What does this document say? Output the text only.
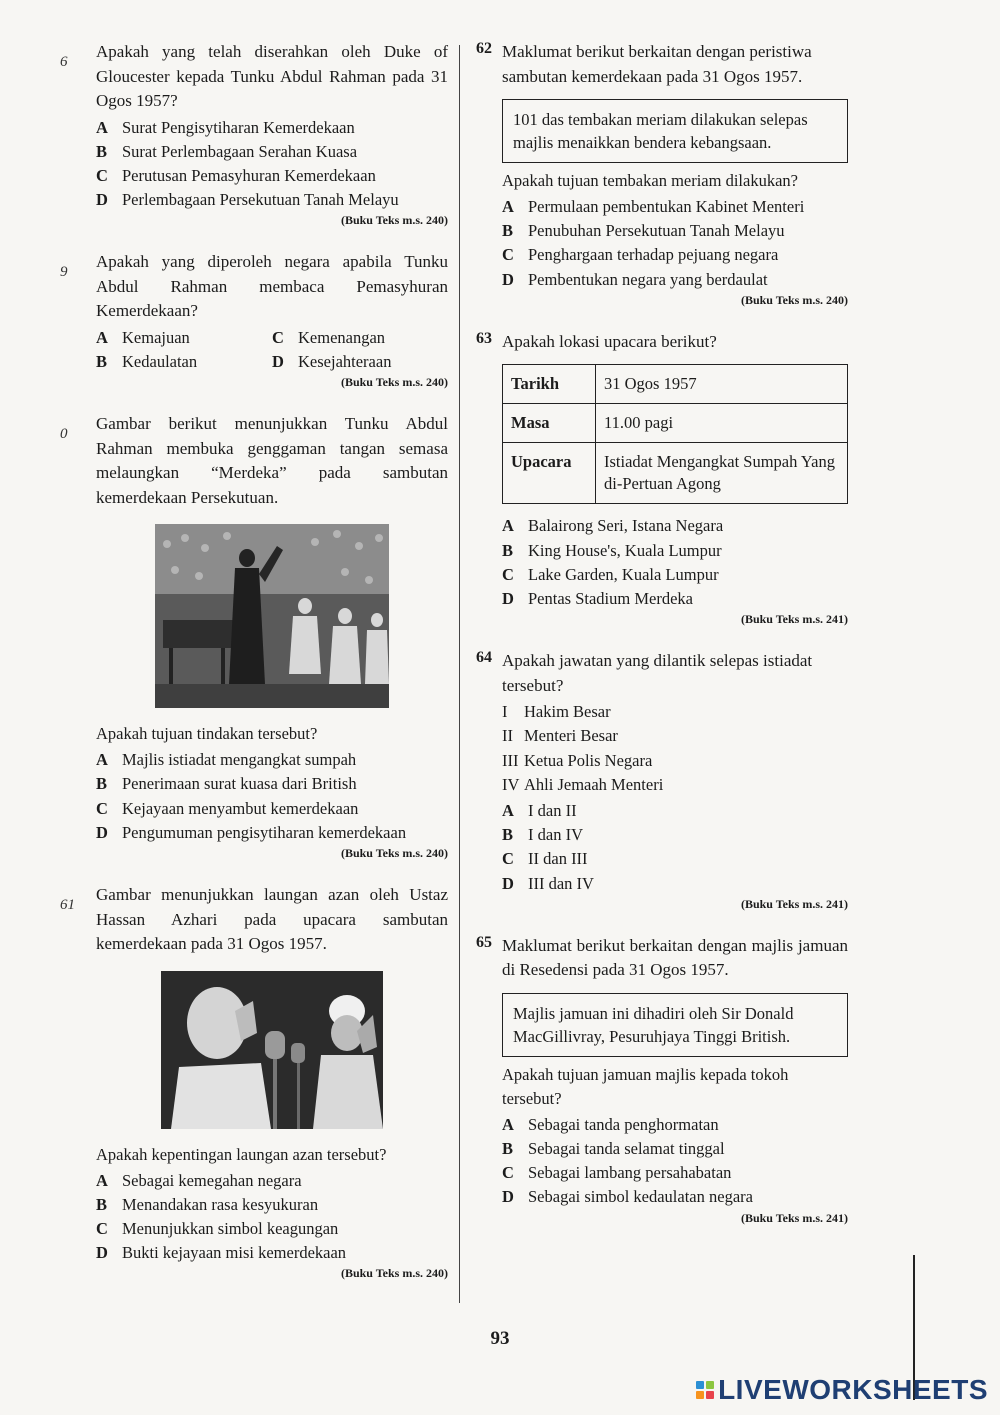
6

Apakah yang telah diserahkan oleh Duke of Gloucester kepada Tunku Abdul Rahman pada 31 Ogos 1957?

A Surat Pengisytiharan Kemerdekaan
B Surat Perlembagaan Serahan Kuasa
C Perutusan Pemasyhuran Kemerdekaan
D Perlembagaan Persekutuan Tanah Melayu
(Buku Teks m.s. 240)
9

Apakah yang diperoleh negara apabila Tunku Abdul Rahman membaca Pemasyhuran Kemerdekaan?

A Kemajuan	C Kemenangan
B Kedaulatan	D Kesejahteraan
(Buku Teks m.s. 240)
0

Gambar berikut menunjukkan Tunku Abdul Rahman membuka genggaman tangan semasa melaungkan “Merdeka” pada sambutan kemerdekaan Persekutuan.

Apakah tujuan tindakan tersebut?

A Majlis istiadat mengangkat sumpah
B Penerimaan surat kuasa dari British
C Kejayaan menyambut kemerdekaan
D Pengumuman pengisytiharan kemerdekaan
(Buku Teks m.s. 240)
61

Gambar menunjukkan laungan azan oleh Ustaz Hassan Azhari pada upacara sambutan kemerdekaan pada 31 Ogos 1957.

Apakah kepentingan laungan azan tersebut?

A Sebagai kemegahan negara
B Menandakan rasa kesyukuran
C Menunjukkan simbol keagungan
D Bukti kejayaan misi kemerdekaan
(Buku Teks m.s. 240)
62 Maklumat berikut berkaitan dengan peristiwa sambutan kemerdekaan pada 31 Ogos 1957.

101 das tembakan meriam dilakukan selepas majlis menaikkan bendera kebangsaan.

Apakah tujuan tembakan meriam dilakukan?

A Permulaan pembentukan Kabinet Menteri
B Penubuhan Persekutuan Tanah Melayu
C Penghargaan terhadap pejuang negara
D Pembentukan negara yang berdaulat
(Buku Teks m.s. 240)
63 Apakah lokasi upacara berikut?

Tarikh	31 Ogos 1957
Masa	11.00 pagi
Upacara	Istiadat Mengangkat Sumpah Yang di-Pertuan Agong
A Balairong Seri, Istana Negara
B King House's, Kuala Lumpur
C Lake Garden, Kuala Lumpur
D Pentas Stadium Merdeka
(Buku Teks m.s. 241)
64 Apakah jawatan yang dilantik selepas istiadat tersebut?

I Hakim Besar
II Menteri Besar
III Ketua Polis Negara
IV Ahli Jemaah Menteri
A I dan II
B I dan IV
C II dan III
D III dan IV
(Buku Teks m.s. 241)
65 Maklumat berikut berkaitan dengan majlis jamuan di Resedensi pada 31 Ogos 1957.

Majlis jamuan ini dihadiri oleh Sir Donald MacGillivray, Pesuruhjaya Tinggi British.

Apakah tujuan jamuan majlis kepada tokoh tersebut?

A Sebagai tanda penghormatan
B Sebagai tanda selamat tinggal
C Sebagai lambang persahabatan
D Sebagai simbol kedaulatan negara
(Buku Teks m.s. 241)
93
LIVEWORKSHEETS
